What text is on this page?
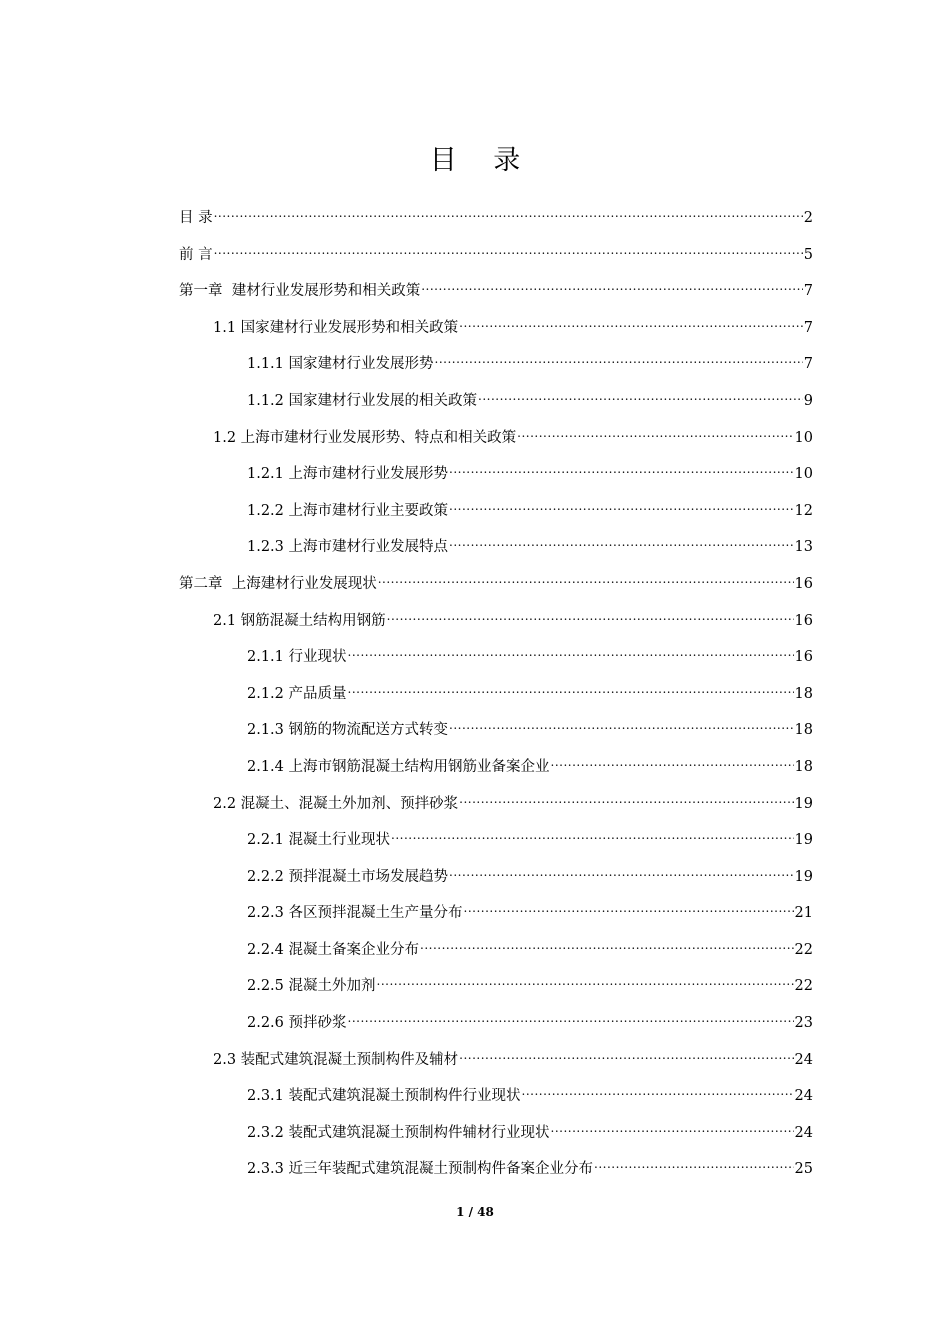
目 录
目 录 .....	2
前 言 .....	5
第一章  建材行业发展形势和相关政策 .....	7
1.1 国家建材行业发展形势和相关政策 .....	7
1.1.1 国家建材行业发展形势 .....	7
1.1.2 国家建材行业发展的相关政策 .....	9
1.2 上海市建材行业发展形势、特点和相关政策 .....	10
1.2.1 上海市建材行业发展形势 .....	10
1.2.2 上海市建材行业主要政策 .....	12
1.2.3 上海市建材行业发展特点 .....	13
第二章  上海建材行业发展现状 .....	16
2.1 钢筋混凝土结构用钢筋 .....	16
2.1.1 行业现状 .....	16
2.1.2 产品质量 .....	18
2.1.3 钢筋的物流配送方式转变 .....	18
2.1.4 上海市钢筋混凝土结构用钢筋业备案企业 .....	18
2.2 混凝土、混凝土外加剂、预拌砂浆 .....	19
2.2.1 混凝土行业现状 .....	19
2.2.2 预拌混凝土市场发展趋势 .....	19
2.2.3 各区预拌混凝土生产量分布 .....	21
2.2.4 混凝土备案企业分布 .....	22
2.2.5 混凝土外加剂 .....	22
2.2.6 预拌砂浆 .....	23
2.3 装配式建筑混凝土预制构件及辅材 .....	24
2.3.1 装配式建筑混凝土预制构件行业现状 .....	24
2.3.2 装配式建筑混凝土预制构件辅材行业现状 .....	24
2.3.3 近三年装配式建筑混凝土预制构件备案企业分布 .....	25
1 / 48
